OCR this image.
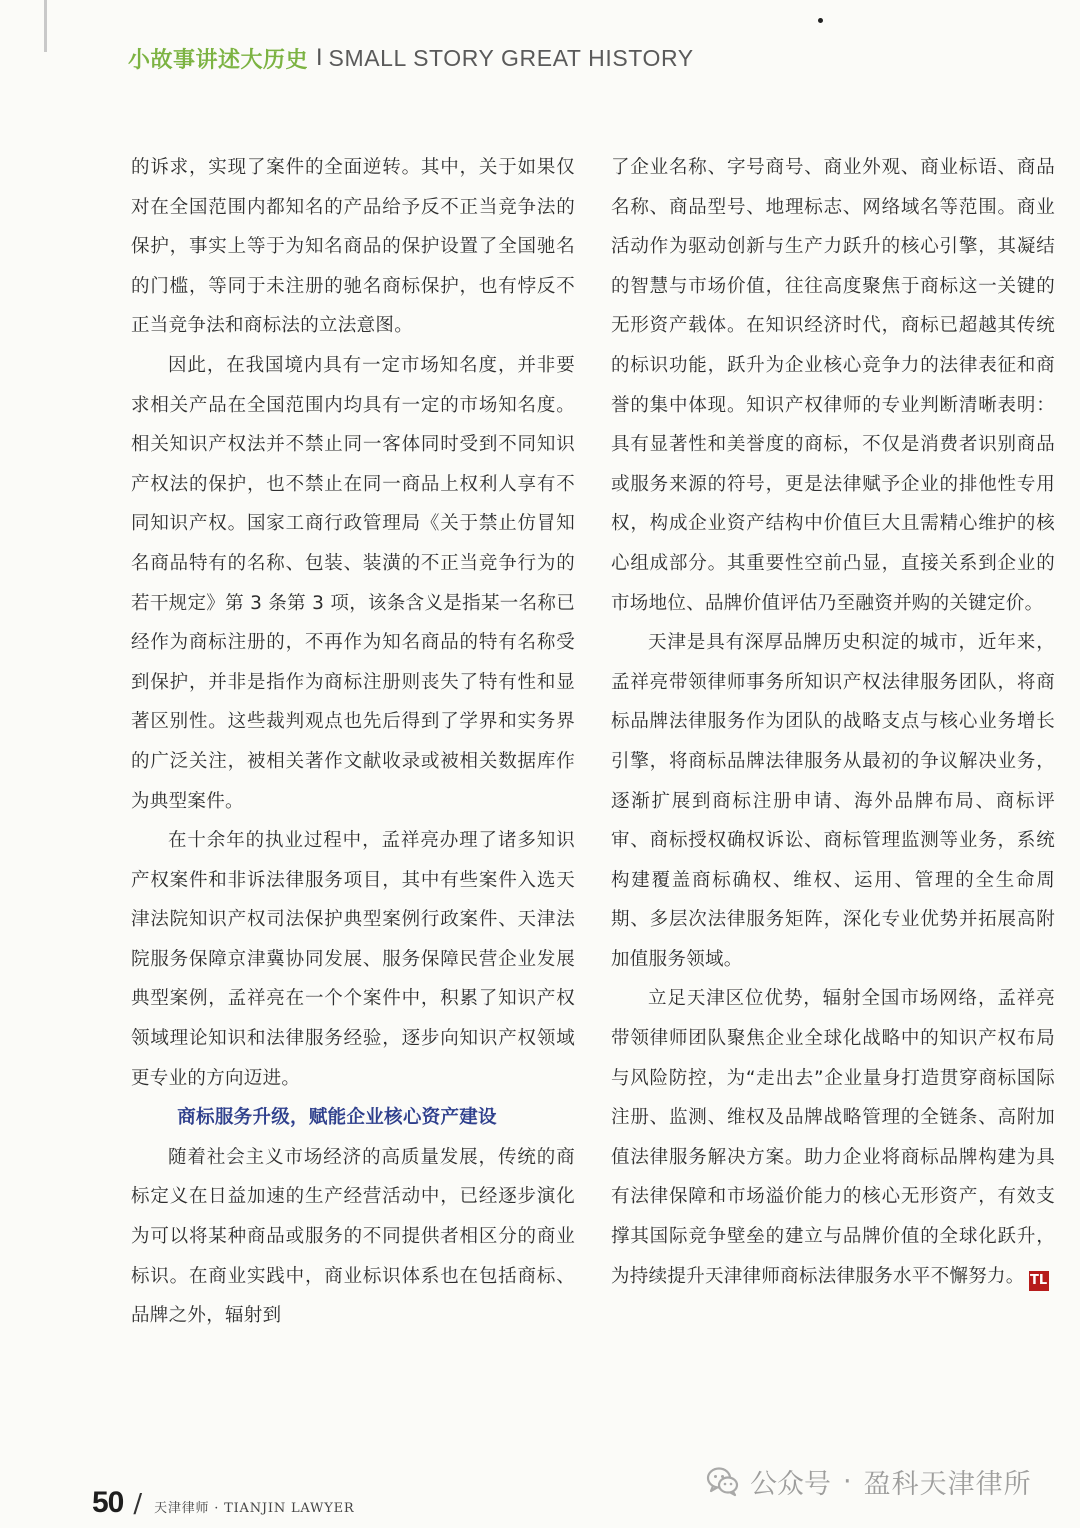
小故事讲述大历史 I SMALL STORY GREAT HISTORY

的诉求，实现了案件的全面逆转。其中，关于如果仅对在全国范围内都知名的产品给予反不正当竞争法的保护，事实上等于为知名商品的保护设置了全国驰名的门槛，等同于未注册的驰名商标保护，也有悖反不正当竞争法和商标法的立法意图。

因此，在我国境内具有一定市场知名度，并非要求相关产品在全国范围内均具有一定的市场知名度。相关知识产权法并不禁止同一客体同时受到不同知识产权法的保护，也不禁止在同一商品上权利人享有不同知识产权。国家工商行政管理局《关于禁止仿冒知名商品特有的名称、包装、装潢的不正当竞争行为的若干规定》第 3 条第 3 项，该条含义是指某一名称已经作为商标注册的，不再作为知名商品的特有名称受到保护，并非是指作为商标注册则丧失了特有性和显著区别性。这些裁判观点也先后得到了学界和实务界的广泛关注，被相关著作文献收录或被相关数据库作为典型案件。

在十余年的执业过程中，孟祥亮办理了诸多知识产权案件和非诉法律服务项目，其中有些案件入选天津法院知识产权司法保护典型案例行政案件、天津法院服务保障京津冀协同发展、服务保障民营企业发展典型案例，孟祥亮在一个个案件中，积累了知识产权领域理论知识和法律服务经验，逐步向知识产权领域更专业的方向迈进。

商标服务升级，赋能企业核心资产建设

随着社会主义市场经济的高质量发展，传统的商标定义在日益加速的生产经营活动中，已经逐步演化为可以将某种商品或服务的不同提供者相区分的商业标识。在商业实践中，商业标识体系也在包括商标、品牌之外，辐射到

了企业名称、字号商号、商业外观、商业标语、商品名称、商品型号、地理标志、网络域名等范围。商业活动作为驱动创新与生产力跃升的核心引擎，其凝结的智慧与市场价值，往往高度聚焦于商标这一关键的无形资产载体。在知识经济时代，商标已超越其传统的标识功能，跃升为企业核心竞争力的法律表征和商誉的集中体现。知识产权律师的专业判断清晰表明：具有显著性和美誉度的商标，不仅是消费者识别商品或服务来源的符号，更是法律赋予企业的排他性专用权，构成企业资产结构中价值巨大且需精心维护的核心组成部分。其重要性空前凸显，直接关系到企业的市场地位、品牌价值评估乃至融资并购的关键定价。

天津是具有深厚品牌历史积淀的城市，近年来，孟祥亮带领律师事务所知识产权法律服务团队，将商标品牌法律服务作为团队的战略支点与核心业务增长引擎，将商标品牌法律服务从最初的争议解决业务，逐渐扩展到商标注册申请、海外品牌布局、商标评审、商标授权确权诉讼、商标管理监测等业务，系统构建覆盖商标确权、维权、运用、管理的全生命周期、多层次法律服务矩阵，深化专业优势并拓展高附加值服务领域。

立足天津区位优势，辐射全国市场网络，孟祥亮带领律师团队聚焦企业全球化战略中的知识产权布局与风险防控，为“走出去”企业量身打造贯穿商标国际注册、监测、维权及品牌战略管理的全链条、高附加值法律服务解决方案。助力企业将商标品牌构建为具有法律保障和市场溢价能力的核心无形资产，有效支撑其国际竞争壁垒的建立与品牌价值的全球化跃升，为持续提升天津律师商标法律服务水平不懈努力。 TL

50 / 天津律师 · TIANJIN LAWYER
公众号 · 盈科天津律所
